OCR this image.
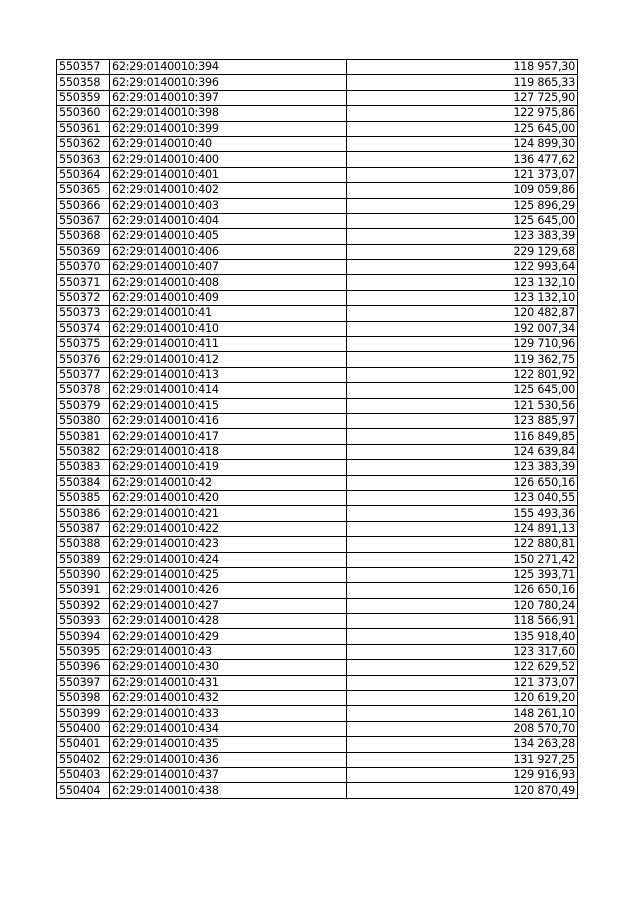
550357	62:29:0140010:394	118 957,30
550358	62:29:0140010:396	119 865,33
550359	62:29:0140010:397	127 725,90
550360	62:29:0140010:398	122 975,86
550361	62:29:0140010:399	125 645,00
550362	62:29:0140010:40	124 899,30
550363	62:29:0140010:400	136 477,62
550364	62:29:0140010:401	121 373,07
550365	62:29:0140010:402	109 059,86
550366	62:29:0140010:403	125 896,29
550367	62:29:0140010:404	125 645,00
550368	62:29:0140010:405	123 383,39
550369	62:29:0140010:406	229 129,68
550370	62:29:0140010:407	122 993,64
550371	62:29:0140010:408	123 132,10
550372	62:29:0140010:409	123 132,10
550373	62:29:0140010:41	120 482,87
550374	62:29:0140010:410	192 007,34
550375	62:29:0140010:411	129 710,96
550376	62:29:0140010:412	119 362,75
550377	62:29:0140010:413	122 801,92
550378	62:29:0140010:414	125 645,00
550379	62:29:0140010:415	121 530,56
550380	62:29:0140010:416	123 885,97
550381	62:29:0140010:417	116 849,85
550382	62:29:0140010:418	124 639,84
550383	62:29:0140010:419	123 383,39
550384	62:29:0140010:42	126 650,16
550385	62:29:0140010:420	123 040,55
550386	62:29:0140010:421	155 493,36
550387	62:29:0140010:422	124 891,13
550388	62:29:0140010:423	122 880,81
550389	62:29:0140010:424	150 271,42
550390	62:29:0140010:425	125 393,71
550391	62:29:0140010:426	126 650,16
550392	62:29:0140010:427	120 780,24
550393	62:29:0140010:428	118 566,91
550394	62:29:0140010:429	135 918,40
550395	62:29:0140010:43	123 317,60
550396	62:29:0140010:430	122 629,52
550397	62:29:0140010:431	121 373,07
550398	62:29:0140010:432	120 619,20
550399	62:29:0140010:433	148 261,10
550400	62:29:0140010:434	208 570,70
550401	62:29:0140010:435	134 263,28
550402	62:29:0140010:436	131 927,25
550403	62:29:0140010:437	129 916,93
550404	62:29:0140010:438	120 870,49
